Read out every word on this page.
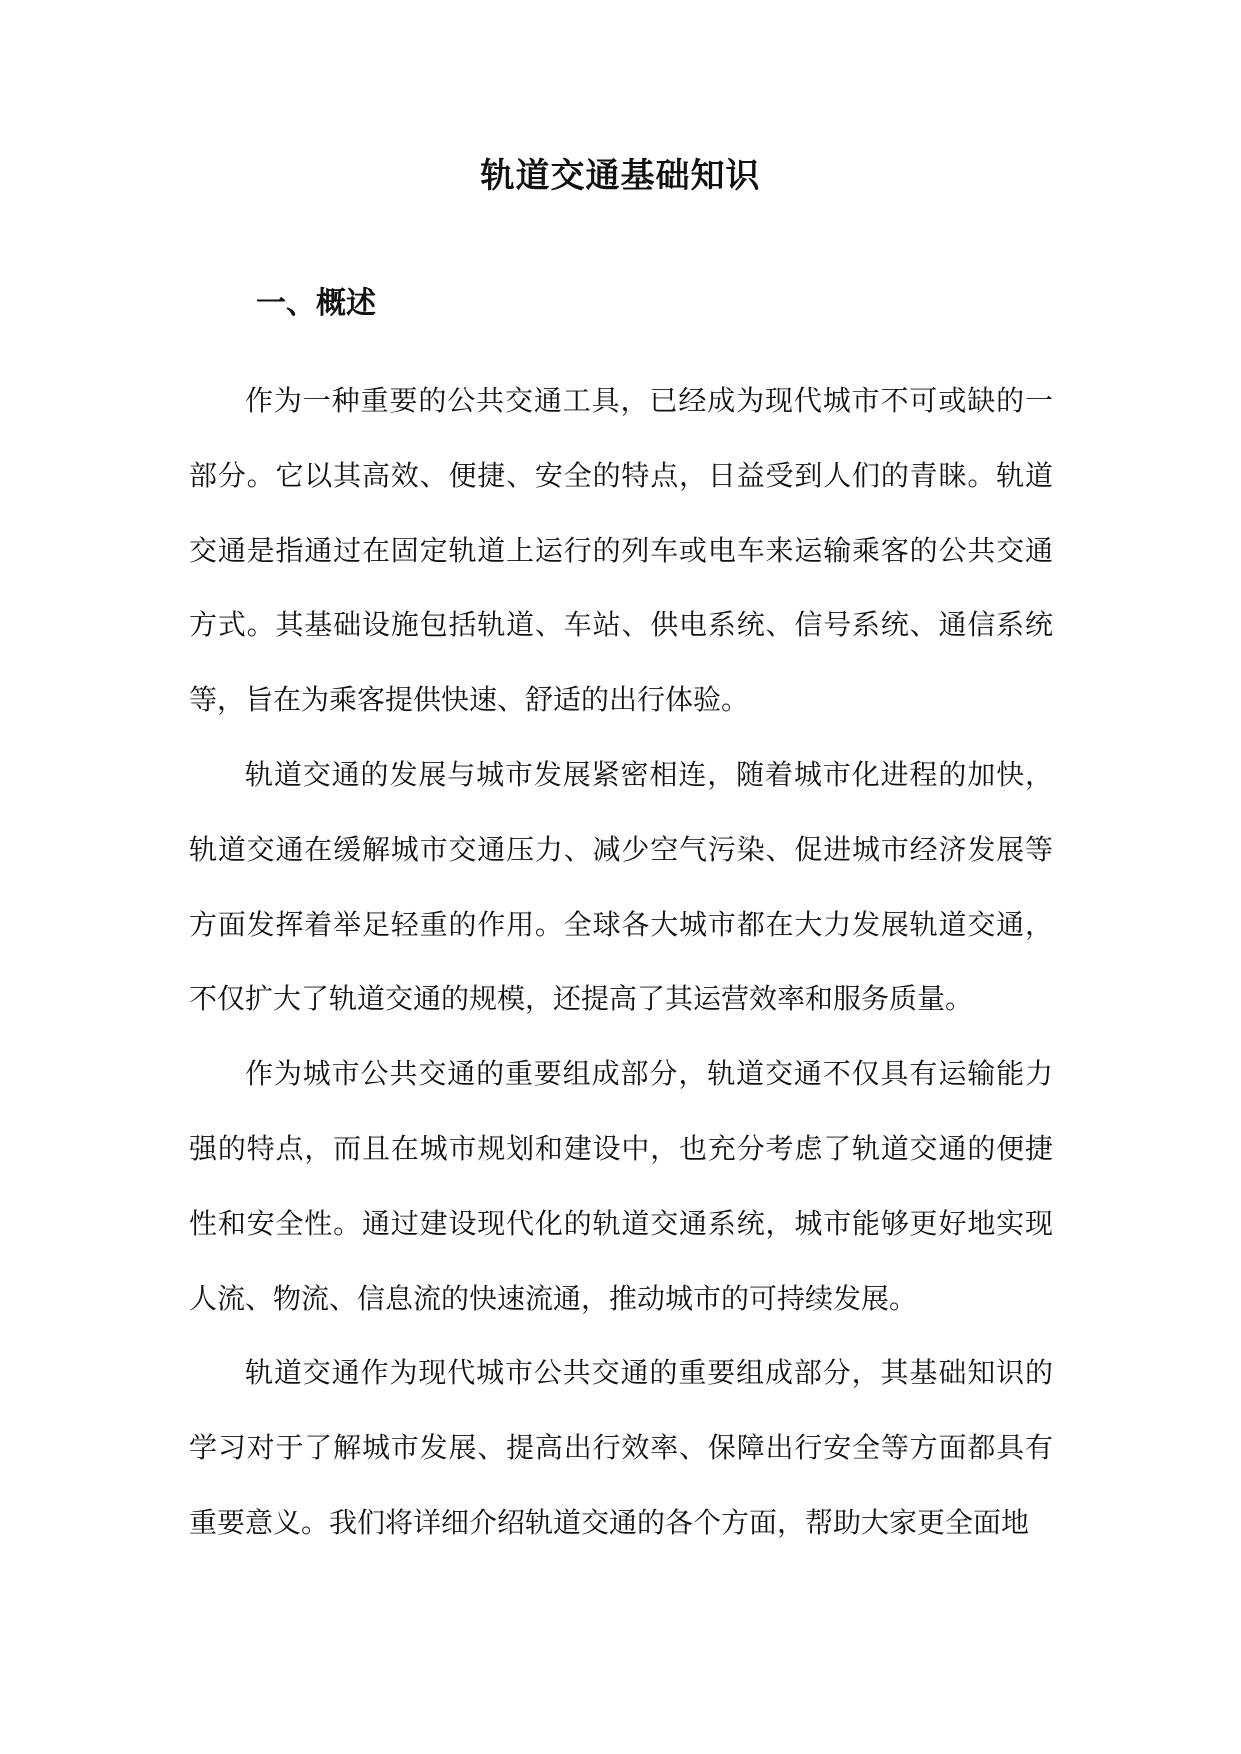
轨道交通基础知识
一、概述

作为一种重要的公共交通工具，已经成为现代城市不可或缺的一部分。它以其高效、便捷、安全的特点，日益受到人们的青睐。轨道交通是指通过在固定轨道上运行的列车或电车来运输乘客的公共交通方式。其基础设施包括轨道、车站、供电系统、信号系统、通信系统等，旨在为乘客提供快速、舒适的出行体验。

轨道交通的发展与城市发展紧密相连，随着城市化进程的加快，轨道交通在缓解城市交通压力、减少空气污染、促进城市经济发展等方面发挥着举足轻重的作用。全球各大城市都在大力发展轨道交通，不仅扩大了轨道交通的规模，还提高了其运营效率和服务质量。

作为城市公共交通的重要组成部分，轨道交通不仅具有运输能力强的特点，而且在城市规划和建设中，也充分考虑了轨道交通的便捷性和安全性。通过建设现代化的轨道交通系统，城市能够更好地实现人流、物流、信息流的快速流通，推动城市的可持续发展。

轨道交通作为现代城市公共交通的重要组成部分，其基础知识的学习对于了解城市发展、提高出行效率、保障出行安全等方面都具有重要意义。我们将详细介绍轨道交通的各个方面，帮助大家更全面地
